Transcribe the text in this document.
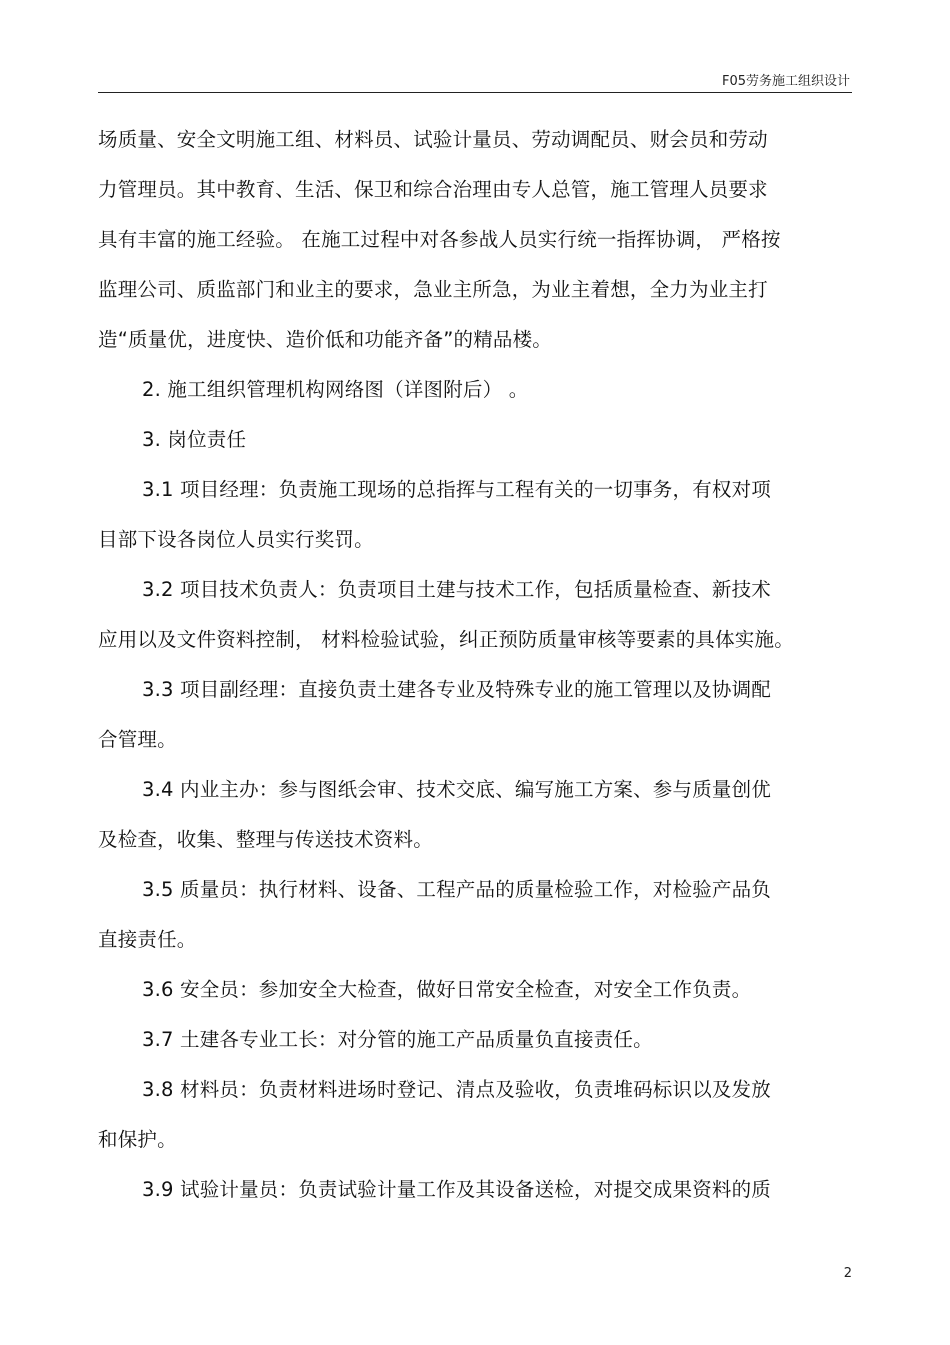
F05劳务施工组织设计
场质量、安全文明施工组、材料员、试验计量员、劳动调配员、财会员和劳动
力管理员。其中教育、生活、保卫和综合治理由专人总管，施工管理人员要求
具有丰富的施工经验。 在施工过程中对各参战人员实行统一指挥协调， 严格按
监理公司、质监部门和业主的要求，急业主所急，为业主着想，全力为业主打
造“质量优，进度快、造价低和功能齐备”的精品楼。
2. 施工组织管理机构网络图（详图附后） 。
3. 岗位责任
3.1 项目经理：负责施工现场的总指挥与工程有关的一切事务，有权对项
目部下设各岗位人员实行奖罚。
3.2 项目技术负责人：负责项目土建与技术工作，包括质量检查、新技术
应用以及文件资料控制， 材料检验试验，纠正预防质量审核等要素的具体实施。
3.3 项目副经理：直接负责土建各专业及特殊专业的施工管理以及协调配
合管理。
3.4 内业主办：参与图纸会审、技术交底、编写施工方案、参与质量创优
及检查，收集、整理与传送技术资料。
3.5 质量员：执行材料、设备、工程产品的质量检验工作，对检验产品负
直接责任。
3.6 安全员：参加安全大检查，做好日常安全检查，对安全工作负责。
3.7 土建各专业工长：对分管的施工产品质量负直接责任。
3.8 材料员：负责材料进场时登记、清点及验收，负责堆码标识以及发放
和保护。
3.9 试验计量员：负责试验计量工作及其设备送检，对提交成果资料的质
2
